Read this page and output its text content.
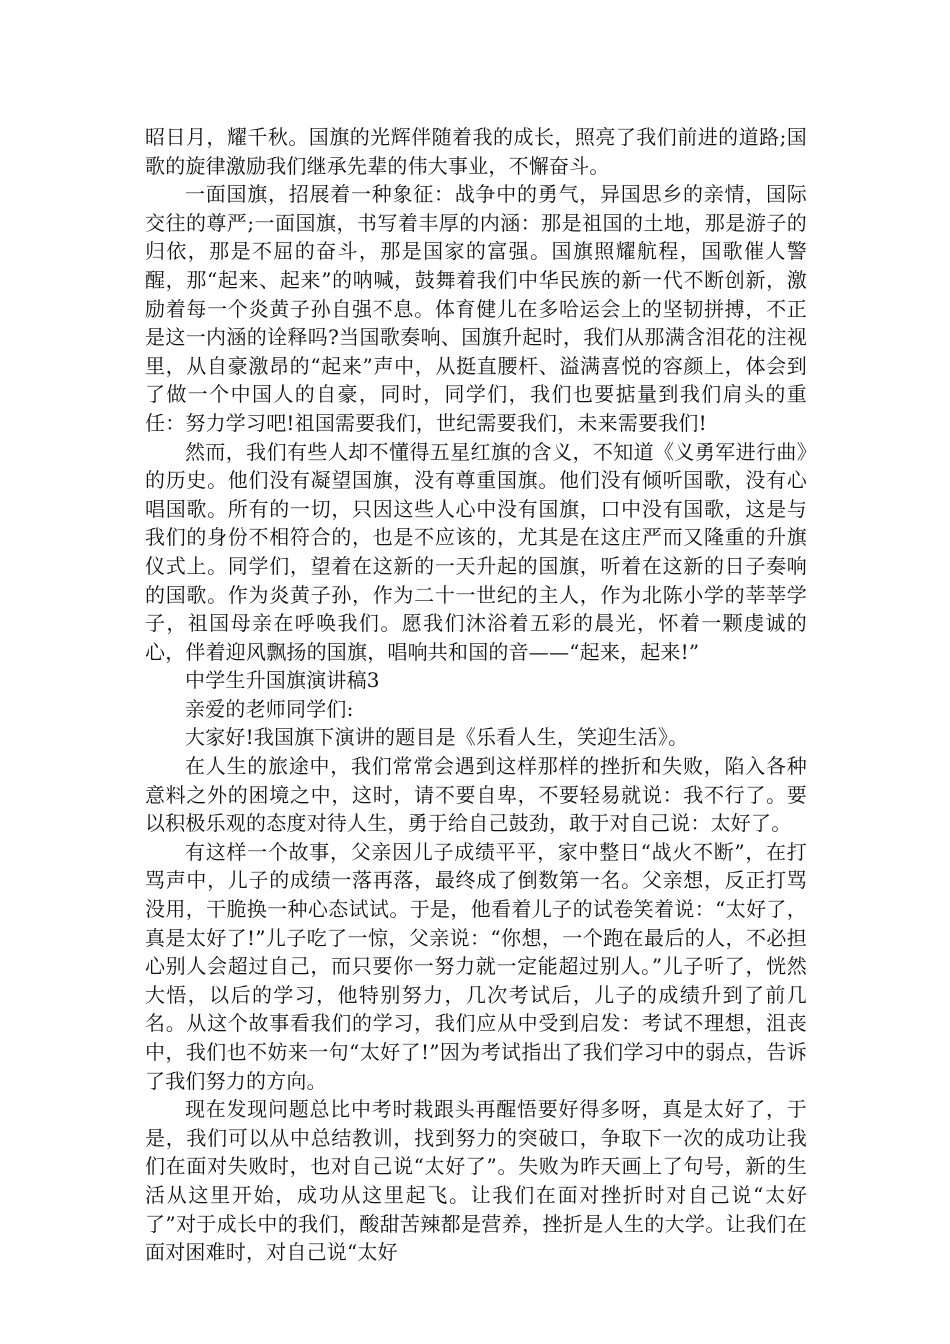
昭日月，耀千秋。国旗的光辉伴随着我的成长，照亮了我们前进的道路;国歌的旋律激励我们继承先辈的伟大事业，不懈奋斗。

一面国旗，招展着一种象征：战争中的勇气，异国思乡的亲情，国际交往的尊严;一面国旗，书写着丰厚的内涵：那是祖国的土地，那是游子的归依，那是不屈的奋斗，那是国家的富强。国旗照耀航程，国歌催人警醒，那“起来、起来”的呐喊，鼓舞着我们中华民族的新一代不断创新，激励着每一个炎黄子孙自强不息。体育健儿在多哈运会上的坚韧拼搏，不正是这一内涵的诠释吗?当国歌奏响、国旗升起时，我们从那满含泪花的注视里，从自豪激昂的“起来”声中，从挺直腰杆、溢满喜悦的容颜上，体会到了做一个中国人的自豪，同时，同学们，我们也要掂量到我们肩头的重任：努力学习吧!祖国需要我们，世纪需要我们，未来需要我们!

然而，我们有些人却不懂得五星红旗的含义，不知道《义勇军进行曲》的历史。他们没有凝望国旗，没有尊重国旗。他们没有倾听国歌，没有心唱国歌。所有的一切，只因这些人心中没有国旗，口中没有国歌，这是与我们的身份不相符合的，也是不应该的，尤其是在这庄严而又隆重的升旗仪式上。同学们，望着在这新的一天升起的国旗，听着在这新的日子奏响的国歌。作为炎黄子孙，作为二十一世纪的主人，作为北陈小学的莘莘学子，祖国母亲在呼唤我们。愿我们沐浴着五彩的晨光，怀着一颗虔诚的心，伴着迎风飘扬的国旗，唱响共和国的音——“起来，起来!”

中学生升国旗演讲稿3

亲爱的老师同学们:

大家好!我国旗下演讲的题目是《乐看人生，笑迎生活》。

在人生的旅途中，我们常常会遇到这样那样的挫折和失败，陷入各种意料之外的困境之中，这时，请不要自卑，不要轻易就说：我不行了。要以积极乐观的态度对待人生，勇于给自己鼓劲，敢于对自己说：太好了。

有这样一个故事，父亲因儿子成绩平平，家中整日“战火不断”，在打骂声中，儿子的成绩一落再落，最终成了倒数第一名。父亲想，反正打骂没用，干脆换一种心态试试。于是，他看着儿子的试卷笑着说：“太好了，真是太好了!”儿子吃了一惊，父亲说：“你想，一个跑在最后的人，不必担心别人会超过自己，而只要你一努力就一定能超过别人。”儿子听了，恍然大悟，以后的学习，他特别努力，几次考试后，儿子的成绩升到了前几名。从这个故事看我们的学习，我们应从中受到启发：考试不理想，沮丧中，我们也不妨来一句“太好了!”因为考试指出了我们学习中的弱点，告诉了我们努力的方向。

现在发现问题总比中考时栽跟头再醒悟要好得多呀，真是太好了，于是，我们可以从中总结教训，找到努力的突破口，争取下一次的成功让我们在面对失败时，也对自己说“太好了”。失败为昨天画上了句号，新的生活从这里开始，成功从这里起飞。让我们在面对挫折时对自己说“太好了”对于成长中的我们，酸甜苦辣都是营养，挫折是人生的大学。让我们在面对困难时，对自己说“太好
